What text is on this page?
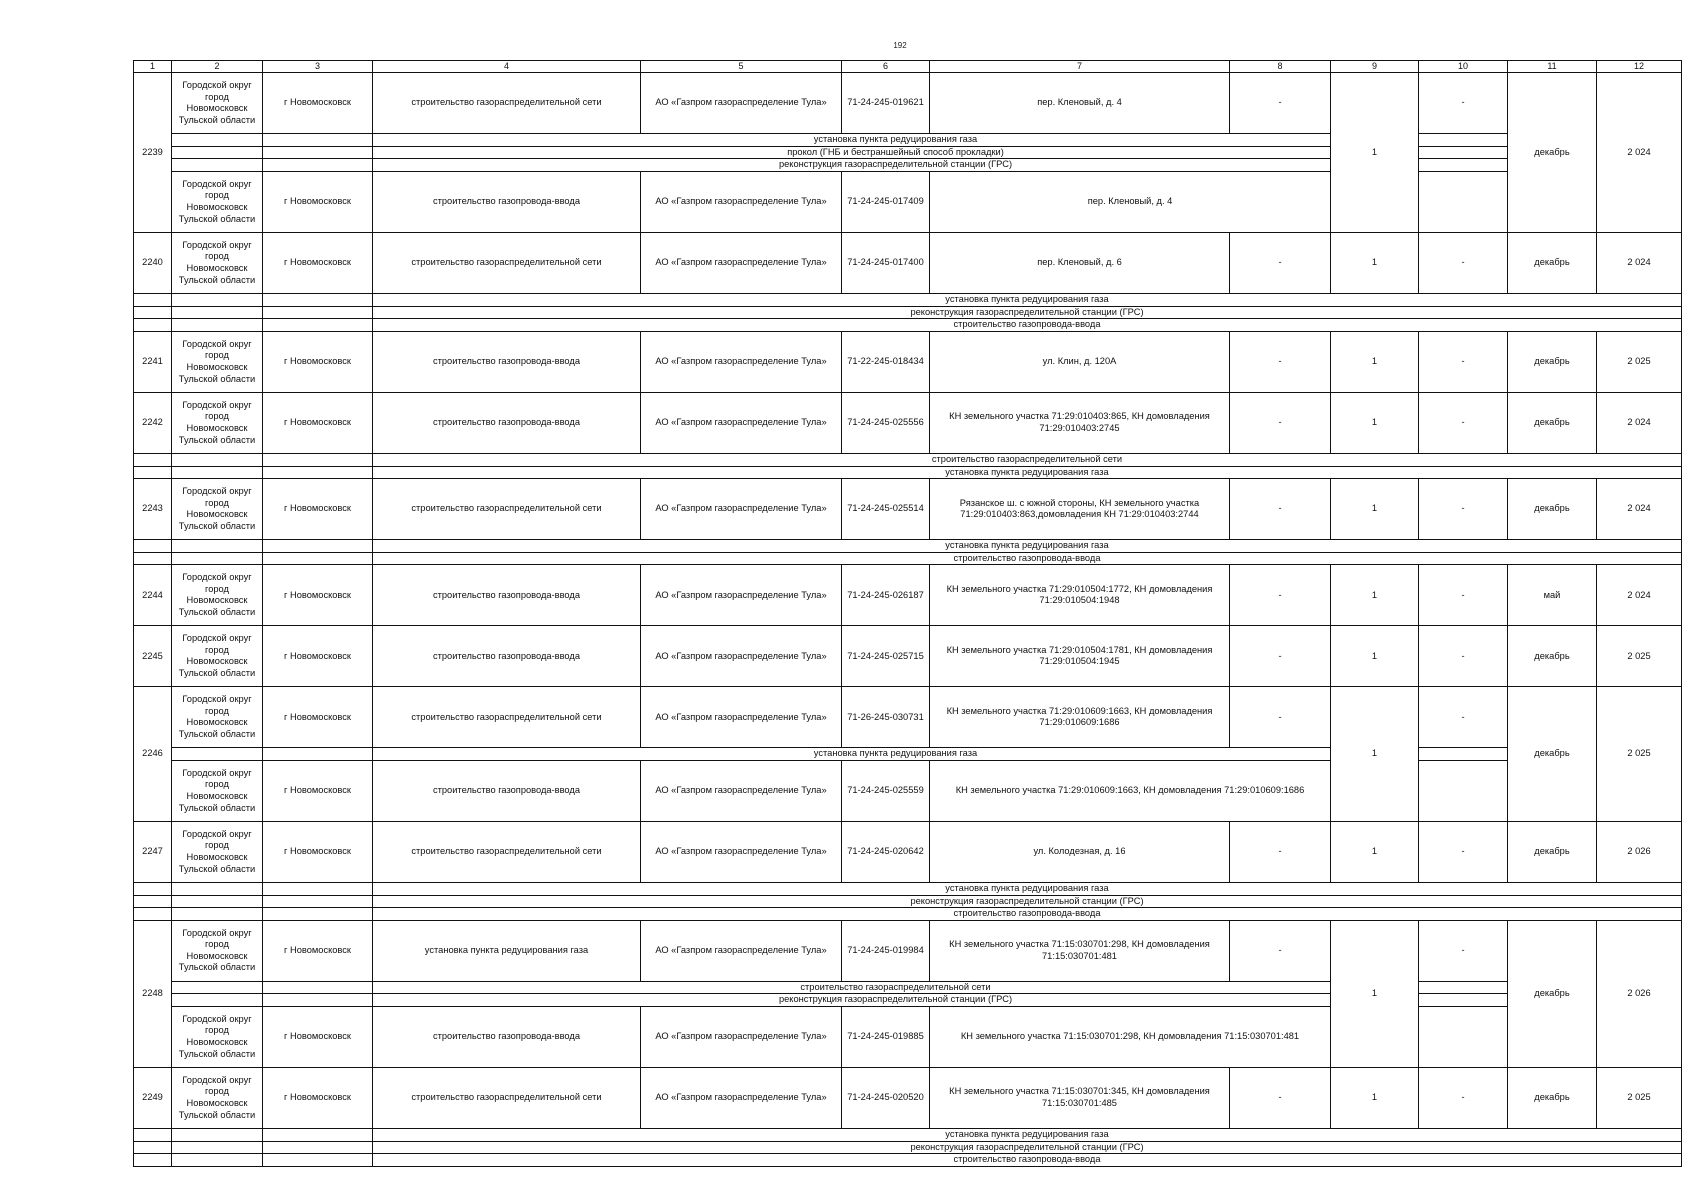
192
1	2	3	4	5	6	7	8	9	10	11	12
2239	Городской округ город Новомосковск Тульской области	г Новомосковск	строительство газораспределительной сети	АО «Газпром газораспределение Тула»	71-24-245-019621	пер. Кленовый, д. 4	-	1	-	декабрь	2 024
			установка пункта редуцирования газа								
			прокол (ГНБ и бестраншейный способ прокладки)								
			реконструкция газораспределительной станции (ГРС)								
	Городской округ город Новомосковск Тульской области	г Новомосковск	строительство газопровода-ввода	АО «Газпром газораспределение Тула»	71-24-245-017409	пер. Кленовый, д. 4					
2240	Городской округ город Новомосковск Тульской области	г Новомосковск	строительство газораспределительной сети	АО «Газпром газораспределение Тула»	71-24-245-017400	пер. Кленовый, д. 6	-	1	-	декабрь	2 024
			установка пункта редуцирования газа								
			реконструкция газораспределительной станции (ГРС)								
			строительство газопровода-ввода								
2241	Городской округ город Новомосковск Тульской области	г Новомосковск	строительство газопровода-ввода	АО «Газпром газораспределение Тула»	71-22-245-018434	ул. Клин, д. 120А	-	1	-	декабрь	2 025
2242	Городской округ город Новомосковск Тульской области	г Новомосковск	строительство газопровода-ввода	АО «Газпром газораспределение Тула»	71-24-245-025556	КН земельного участка 71:29:010403:865, КН домовладения 71:29:010403:2745	-	1	-	декабрь	2 024
			строительство газораспределительной сети								
			установка пункта редуцирования газа								
2243	Городской округ город Новомосковск Тульской области	г Новомосковск	строительство газораспределительной сети	АО «Газпром газораспределение Тула»	71-24-245-025514	Рязанское ш. с южной стороны, КН земельного участка 71:29:010403:863,домовладения КН 71:29:010403:2744	-	1	-	декабрь	2 024
			установка пункта редуцирования газа								
			строительство газопровода-ввода								
2244	Городской округ город Новомосковск Тульской области	г Новомосковск	строительство газопровода-ввода	АО «Газпром газораспределение Тула»	71-24-245-026187	КН земельного участка 71:29:010504:1772, КН домовладения 71:29:010504:1948	-	1	-	май	2 024
2245	Городской округ город Новомосковск Тульской области	г Новомосковск	строительство газопровода-ввода	АО «Газпром газораспределение Тула»	71-24-245-025715	КН земельного участка 71:29:010504:1781, КН домовладения 71:29:010504:1945	-	1	-	декабрь	2 025
2246	Городской округ город Новомосковск Тульской области	г Новомосковск	строительство газораспределительной сети	АО «Газпром газораспределение Тула»	71-26-245-030731	КН земельного участка 71:29:010609:1663, КН домовладения 71:29:010609:1686	-	1	-	декабрь	2 025
			установка пункта редуцирования газа								
	Городской округ город Новомосковск Тульской области	г Новомосковск	строительство газопровода-ввода	АО «Газпром газораспределение Тула»	71-24-245-025559	КН земельного участка 71:29:010609:1663, КН домовладения 71:29:010609:1686					
2247	Городской округ город Новомосковск Тульской области	г Новомосковск	строительство газораспределительной сети	АО «Газпром газораспределение Тула»	71-24-245-020642	ул. Колодезная, д. 16	-	1	-	декабрь	2 026
			установка пункта редуцирования газа								
			реконструкция газораспределительной станции (ГРС)								
			строительство газопровода-ввода								
2248	Городской округ город Новомосковск Тульской области	г Новомосковск	установка пункта редуцирования газа	АО «Газпром газораспределение Тула»	71-24-245-019984	КН земельного участка 71:15:030701:298, КН домовладения 71:15:030701:481	-	1	-	декабрь	2 026
			строительство газораспределительной сети								
			реконструкция газораспределительной станции (ГРС)								
	Городской округ город Новомосковск Тульской области	г Новомосковск	строительство газопровода-ввода	АО «Газпром газораспределение Тула»	71-24-245-019885	КН земельного участка 71:15:030701:298, КН домовладения 71:15:030701:481					
2249	Городской округ город Новомосковск Тульской области	г Новомосковск	строительство газораспределительной сети	АО «Газпром газораспределение Тула»	71-24-245-020520	КН земельного участка 71:15:030701:345, КН домовладения 71:15:030701:485	-	1	-	декабрь	2 025
			установка пункта редуцирования газа								
			реконструкция газораспределительной станции (ГРС)								
			строительство газопровода-ввода								
